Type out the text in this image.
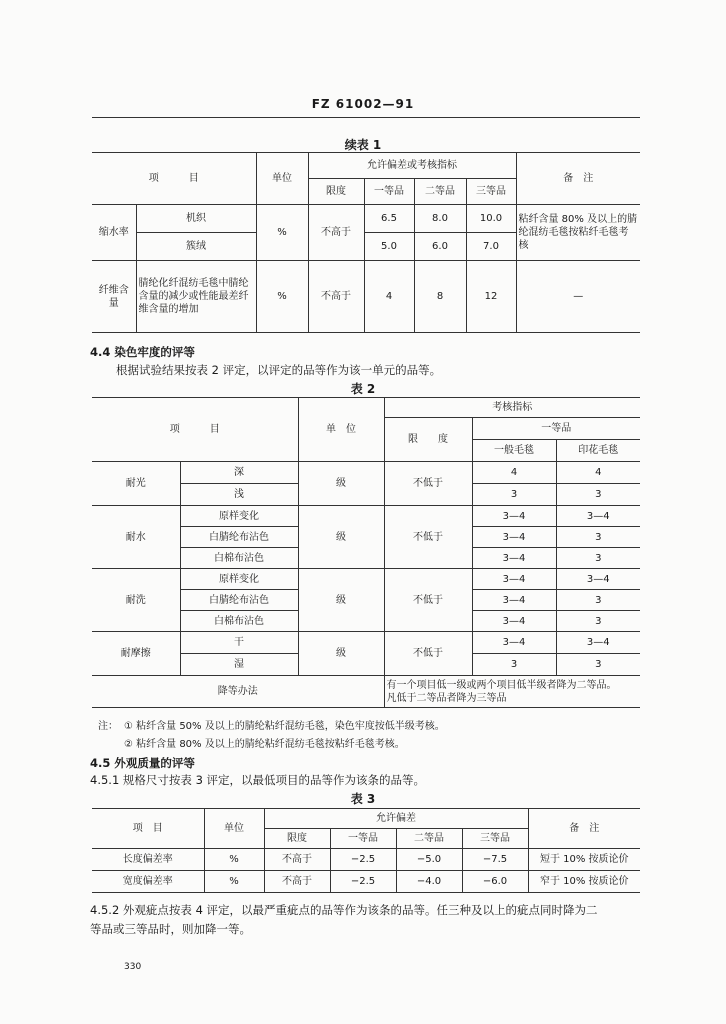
FZ 61002—91
续表 1
项　　　目		单位	允许偏差或考核指标				备　注
			限度	一等品	二等品	三等品	
缩水率	机织	%	不高于	6.5	8.0	10.0	粘纤含量 80% 及以上的腈纶混纺毛毯按粘纤毛毯考核
	簇绒			5.0	6.0	7.0	
纤维含量	腈纶化纤混纺毛毯中腈纶含量的减少或性能最差纤维含量的增加	%	不高于	4	8	12	—
4.4 染色牢度的评等
根据试验结果按表 2 评定，以评定的品等作为该一单元的品等。
表 2
项　　　目		单　位	考核指标		
			限　　度	一等品	
				一般毛毯	印花毛毯
耐光	深	级	不低于	4	4
	浅			3	3
耐水	原样变化	级	不低于	3—4	3—4
	白腈纶布沾色			3—4	3
	白棉布沾色			3—4	3
耐洗	原样变化	级	不低于	3—4	3—4
	白腈纶布沾色			3—4	3
	白棉布沾色			3—4	3
耐摩擦	干	级	不低于	3—4	3—4
	湿			3	3
降等办法			有一个项目低一级或两个项目低半级者降为二等品。
凡低于二等品者降为三等品		
注： ① 粘纤含量 50% 及以上的腈纶粘纤混纺毛毯，染色牢度按低半级考核。
② 粘纤含量 80% 及以上的腈纶粘纤混纺毛毯按粘纤毛毯考核。
4.5 外观质量的评等
4.5.1 规格尺寸按表 3 评定，以最低项目的品等作为该条的品等。
表 3
项　目	单位	允许偏差				备　注
		限度	一等品	二等品	三等品	
长度偏差率	%	不高于	−2.5	−5.0	−7.5	短于 10% 按质论价
宽度偏差率	%	不高于	−2.5	−4.0	−6.0	窄于 10% 按质论价
4.5.2 外观疵点按表 4 评定，以最严重疵点的品等作为该条的品等。任三种及以上的疵点同时降为二
等品或三等品时，则加降一等。
330
